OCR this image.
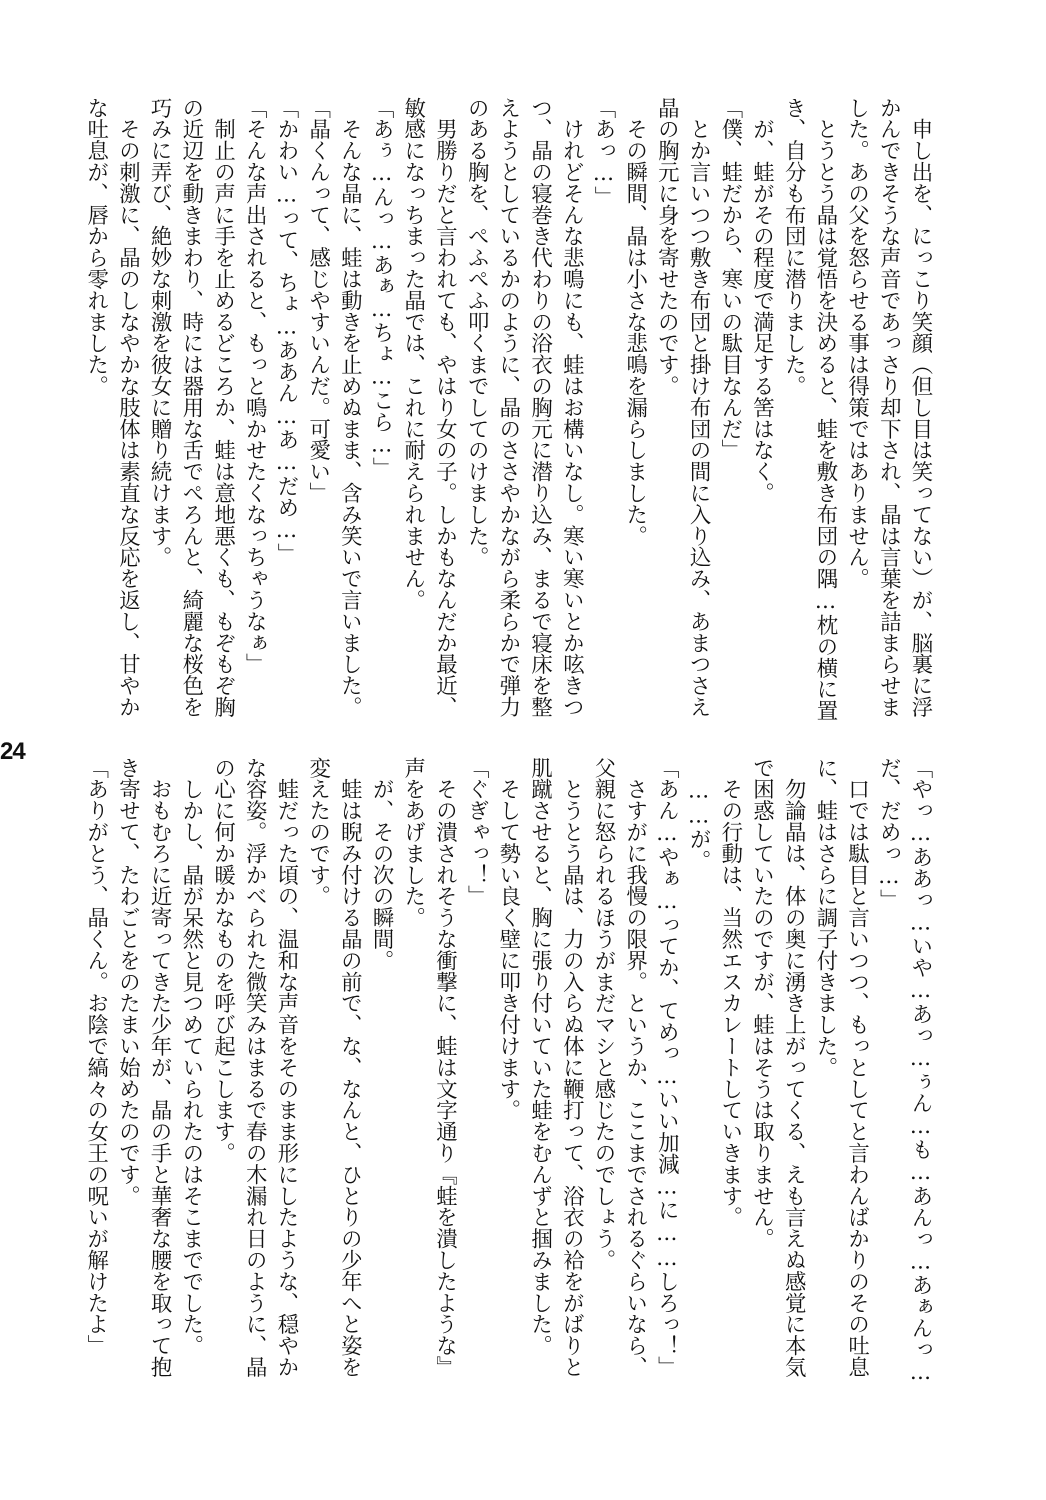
　申し出を、にっこり笑顔（但し目は笑ってない）が、脳裏に浮
かんできそうな声音であっさり却下され、晶は言葉を詰まらせま
した。あの父を怒らせる事は得策ではありません。
　とうとう晶は覚悟を決めると、蛙を敷き布団の隅…枕の横に置
き、自分も布団に潜りました。
　が、蛙がその程度で満足する筈はなく。
「僕、蛙だから、寒いの駄目なんだ」
　とか言いつつ敷き布団と掛け布団の間に入り込み、あまつさえ
晶の胸元に身を寄せたのです。
　その瞬間、晶は小さな悲鳴を漏らしました。
「あっ…」
　けれどそんな悲鳴にも、蛙はお構いなし。寒い寒いとか呟きつ
つ、晶の寝巻き代わりの浴衣の胸元に潜り込み、まるで寝床を整
えようとしているかのように、晶のささやかながら柔らかで弾力
のある胸を、ぺふぺふ叩くまでしてのけました。
　男勝りだと言われても、やはり女の子。しかもなんだか最近、
敏感になっちまった晶では、これに耐えられません。
「あぅ…んっ…あぁ…ちょ…こら…」
　そんな晶に、蛙は動きを止めぬまま、含み笑いで言いました。
「晶くんって、感じやすいんだ。可愛い」
「かわい…って、ちょ…ああん…あ…だめ…」
「そんな声出されると、もっと鳴かせたくなっちゃうなぁ」
　制止の声に手を止めるどころか、蛙は意地悪くも、もぞもぞ胸
の近辺を動きまわり、時には器用な舌でぺろんと、綺麗な桜色を
巧みに弄び、絶妙な刺激を彼女に贈り続けます。
　その刺激に、晶のしなやかな肢体は素直な反応を返し、甘やか
な吐息が、唇から零れました。
「やっ…ああっ…いや…あっ…ぅん…も…あんっ…あぁんっ…
だ、だめっ…」
　口では駄目と言いつつ、もっとしてと言わんばかりのその吐息
に、蛙はさらに調子付きました。
　勿論晶は、体の奥に湧き上がってくる、えも言えぬ感覚に本気
で困惑していたのですが、蛙はそうは取りません。
　その行動は、当然エスカレートしていきます。
　……が。
「あん…やぁ…ってか、てめっ…いい加減…に……しろっ！」
　さすがに我慢の限界。というか、ここまでされるぐらいなら、
父親に怒られるほうがまだマシと感じたのでしょう。
　とうとう晶は、力の入らぬ体に鞭打って、浴衣の袷をがばりと
肌蹴させると、胸に張り付いていた蛙をむんずと掴みました。
　そして勢い良く壁に叩き付けます。
「ぐぎゃっ！」
　その潰されそうな衝撃に、蛙は文字通り『蛙を潰したような』
声をあげました。
　が、その次の瞬間。
　蛙は睨み付ける晶の前で、な、なんと、ひとりの少年へと姿を
変えたのです。
　蛙だった頃の、温和な声音をそのまま形にしたような、穏やか
な容姿。浮かべられた微笑みはまるで春の木漏れ日のように、晶
の心に何か暖かなものを呼び起こします。
　しかし、晶が呆然と見つめていられたのはそこまででした。
　おもむろに近寄ってきた少年が、晶の手と華奢な腰を取って抱
き寄せて、たわごとをのたまい始めたのです。
「ありがとう、晶くん。お陰で縞々の女王の呪いが解けたよ」
24
